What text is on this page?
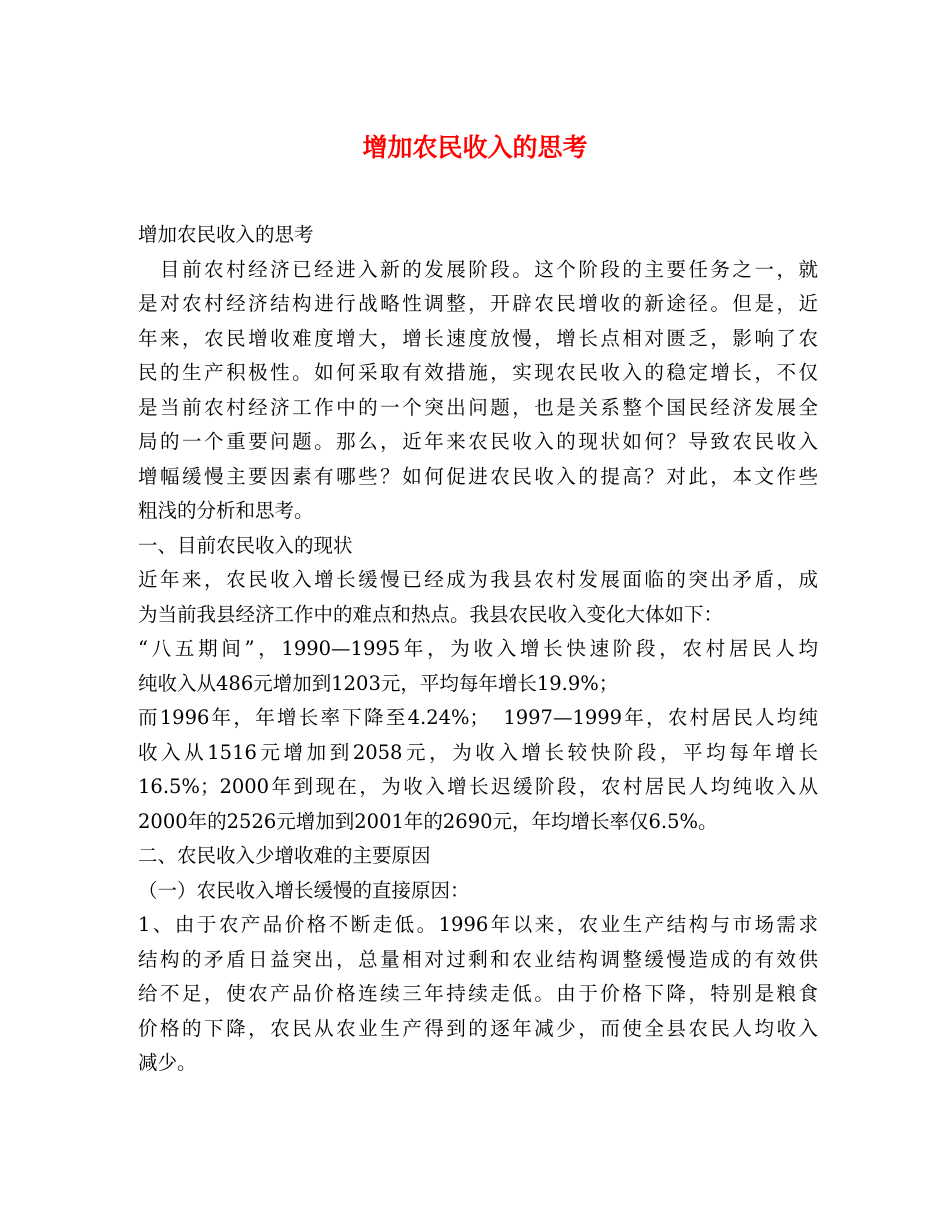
增加农民收入的思考
增加农民收入的思考
　目前农村经济已经进入新的发展阶段。这个阶段的主要任务之一，就
是对农村经济结构进行战略性调整，开辟农民增收的新途径。但是，近
年来，农民增收难度增大，增长速度放慢，增长点相对匮乏，影响了农
民的生产积极性。如何采取有效措施，实现农民收入的稳定增长，不仅
是当前农村经济工作中的一个突出问题，也是关系整个国民经济发展全
局的一个重要问题。那么，近年来农民收入的现状如何？导致农民收入
增幅缓慢主要因素有哪些？如何促进农民收入的提高？对此，本文作些
粗浅的分析和思考。
一、目前农民收入的现状
近年来，农民收入增长缓慢已经成为我县农村发展面临的突出矛盾，成
为当前我县经济工作中的难点和热点。我县农民收入变化大体如下：
“八五期间”，1990—1995年，为收入增长快速阶段，农村居民人均
纯收入从486元增加到1203元，平均每年增长19.9%；
而1996年，年增长率下降至4.24%；　1997—1999年，农村居民人均纯
收入从1516元增加到2058元，为收入增长较快阶段，平均每年增长
16.5%；2000年到现在，为收入增长迟缓阶段，农村居民人均纯收入从
2000年的2526元增加到2001年的2690元，年均增长率仅6.5%。
二、农民收入少增收难的主要原因
（一）农民收入增长缓慢的直接原因：
1、由于农产品价格不断走低。1996年以来，农业生产结构与市场需求
结构的矛盾日益突出，总量相对过剩和农业结构调整缓慢造成的有效供
给不足，使农产品价格连续三年持续走低。由于价格下降，特别是粮食
价格的下降，农民从农业生产得到的逐年减少，而使全县农民人均收入
减少。
